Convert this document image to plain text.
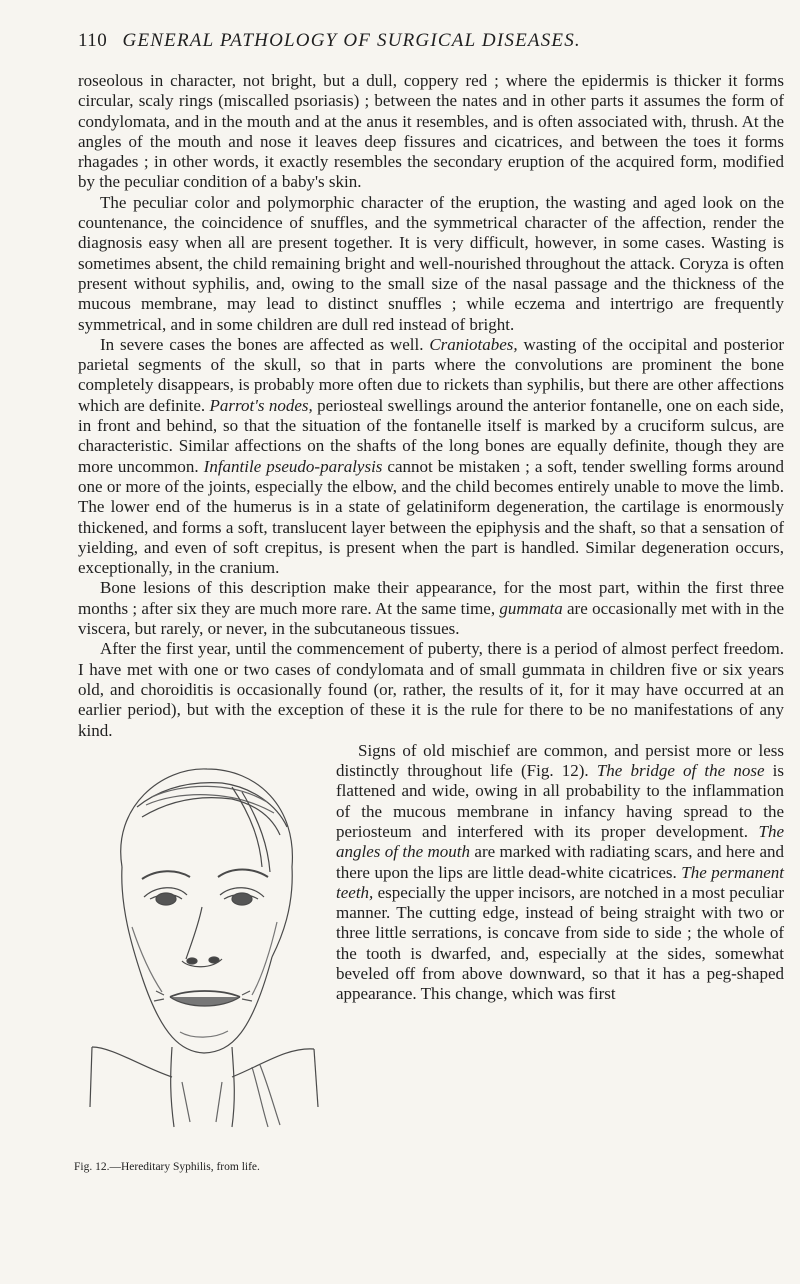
110 GENERAL PATHOLOGY OF SURGICAL DISEASES.

roseolous in character, not bright, but a dull, coppery red ; where the epidermis is thicker it forms circular, scaly rings (miscalled psoriasis) ; between the nates and in other parts it assumes the form of condylomata, and in the mouth and at the anus it resembles, and is often associated with, thrush. At the angles of the mouth and nose it leaves deep fissures and cicatrices, and between the toes it forms rhagades ; in other words, it exactly resembles the secondary eruption of the acquired form, modified by the peculiar condition of a baby's skin.

The peculiar color and polymorphic character of the eruption, the wasting and aged look on the countenance, the coincidence of snuffles, and the symmetrical character of the affection, render the diagnosis easy when all are present together. It is very difficult, however, in some cases. Wasting is sometimes absent, the child remaining bright and well-nourished throughout the attack. Coryza is often present without syphilis, and, owing to the small size of the nasal passage and the thickness of the mucous membrane, may lead to distinct snuffles ; while eczema and intertrigo are frequently symmetrical, and in some children are dull red instead of bright.

In severe cases the bones are affected as well. Craniotabes, wasting of the occipital and posterior parietal segments of the skull, so that in parts where the convolutions are prominent the bone completely disappears, is probably more often due to rickets than syphilis, but there are other affections which are definite. Parrot's nodes, periosteal swellings around the anterior fontanelle, one on each side, in front and behind, so that the situation of the fontanelle itself is marked by a cruciform sulcus, are characteristic. Similar affections on the shafts of the long bones are equally definite, though they are more uncommon. Infantile pseudo-paralysis cannot be mistaken ; a soft, tender swelling forms around one or more of the joints, especially the elbow, and the child becomes entirely unable to move the limb. The lower end of the humerus is in a state of gelatiniform degeneration, the cartilage is enormously thickened, and forms a soft, translucent layer between the epiphysis and the shaft, so that a sensation of yielding, and even of soft crepitus, is present when the part is handled. Similar degeneration occurs, exceptionally, in the cranium.

Bone lesions of this description make their appearance, for the most part, within the first three months ; after six they are much more rare. At the same time, gummata are occasionally met with in the viscera, but rarely, or never, in the subcutaneous tissues.

After the first year, until the commencement of puberty, there is a period of almost perfect freedom. I have met with one or two cases of condylomata and of small gummata in children five or six years old, and choroiditis is occasionally found (or, rather, the results of it, for it may have occurred at an earlier period), but with the exception of these it is the rule for there to be no manifestations of any kind.

Fig. 12.—Hereditary Syphilis, from life.

Signs of old mischief are common, and persist more or less distinctly throughout life (Fig. 12). The bridge of the nose is flattened and wide, owing in all probability to the inflammation of the mucous membrane in infancy having spread to the periosteum and interfered with its proper development. The angles of the mouth are marked with radiating scars, and here and there upon the lips are little dead-white cicatrices. The permanent teeth, especially the upper incisors, are notched in a most peculiar manner. The cutting edge, instead of being straight with two or three little serrations, is concave from side to side ; the whole of the tooth is dwarfed, and, especially at the sides, somewhat beveled off from above downward, so that it has a peg-shaped appearance. This change, which was first
